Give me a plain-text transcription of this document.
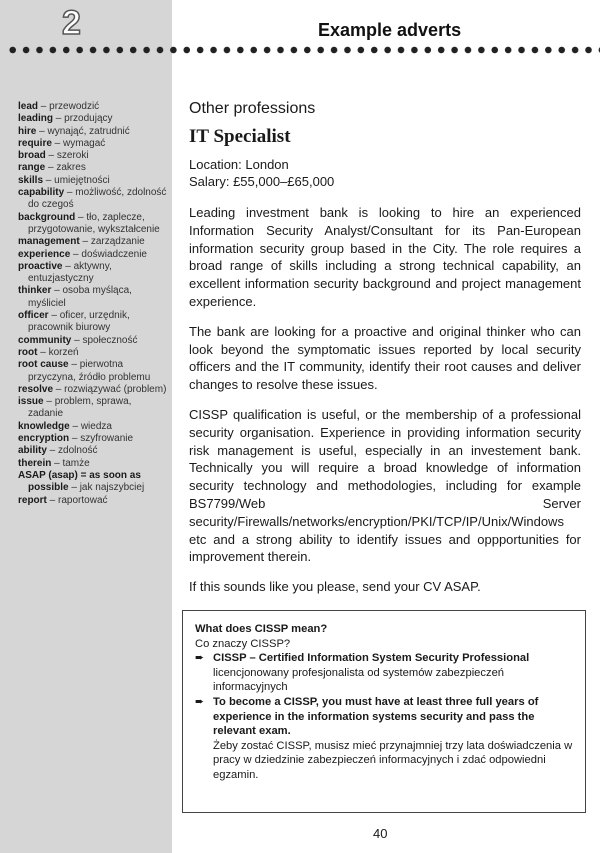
2	Example adverts

lead – przewodzić

leading – przodujący

hire – wynająć, zatrudnić

require – wymagać

broad – szeroki

range – zakres

skills – umiejętności

capability – możliwość, zdolność do czegoś

background – tło, zaplecze, przygotowanie, wykształcenie

management – zarządzanie

experience – doświadczenie

proactive – aktywny, entuzjastyczny

thinker – osoba myśląca, myśliciel

officer – oficer, urzędnik, pracownik biurowy

community – społeczność

root – korzeń

root cause – pierwotna przyczyna, źródło problemu

resolve – rozwiązywać (problem)

issue – problem, sprawa, zadanie

knowledge – wiedza

encryption – szyfrowanie

ability – zdolność

therein – tamże

ASAP (asap) = as soon as possible – jak najszybciej

report – raportować

Other professions

IT Specialist

Location: London

Salary: £55,000–£65,000

Leading investment bank is looking to hire an experienced Information Security Analyst/Consultant for its Pan-European information security group based in the City. The role requires a broad range of skills including a strong technical capability, an excellent information security background and project management experience.

The bank are looking for a proactive and original thinker who can look beyond the symptomatic issues reported by local security officers and the IT community, identify their root causes and deliver changes to resolve these issues.

CISSP qualification is useful, or the membership of a professional security organisation. Experience in providing information security risk management is useful, especially in an investement bank. Technically you will require a broad knowledge of information security technology and methodologies, including for example BS7799/Web Server security/Firewalls/networks/encryption/PKI/TCP/IP/Unix/Windows etc and a strong ability to identify issues and oppportunities for improvement therein.

If this sounds like you please, send your CV ASAP.

What does CISSP mean?

Co znaczy CISSP?

➨ CISSP – Certified Information System Security Professional

licencjonowany profesjonalista od systemów zabezpieczeń informacyjnych

➨ To become a CISSP, you must have at least three full years of experience in the information systems security and pass the relevant exam.

Żeby zostać CISSP, musisz mieć przynajmniej trzy lata doświadczenia w pracy w dziedzinie zabezpieczeń informacyjnych i zdać odpowiedni egzamin.

40
